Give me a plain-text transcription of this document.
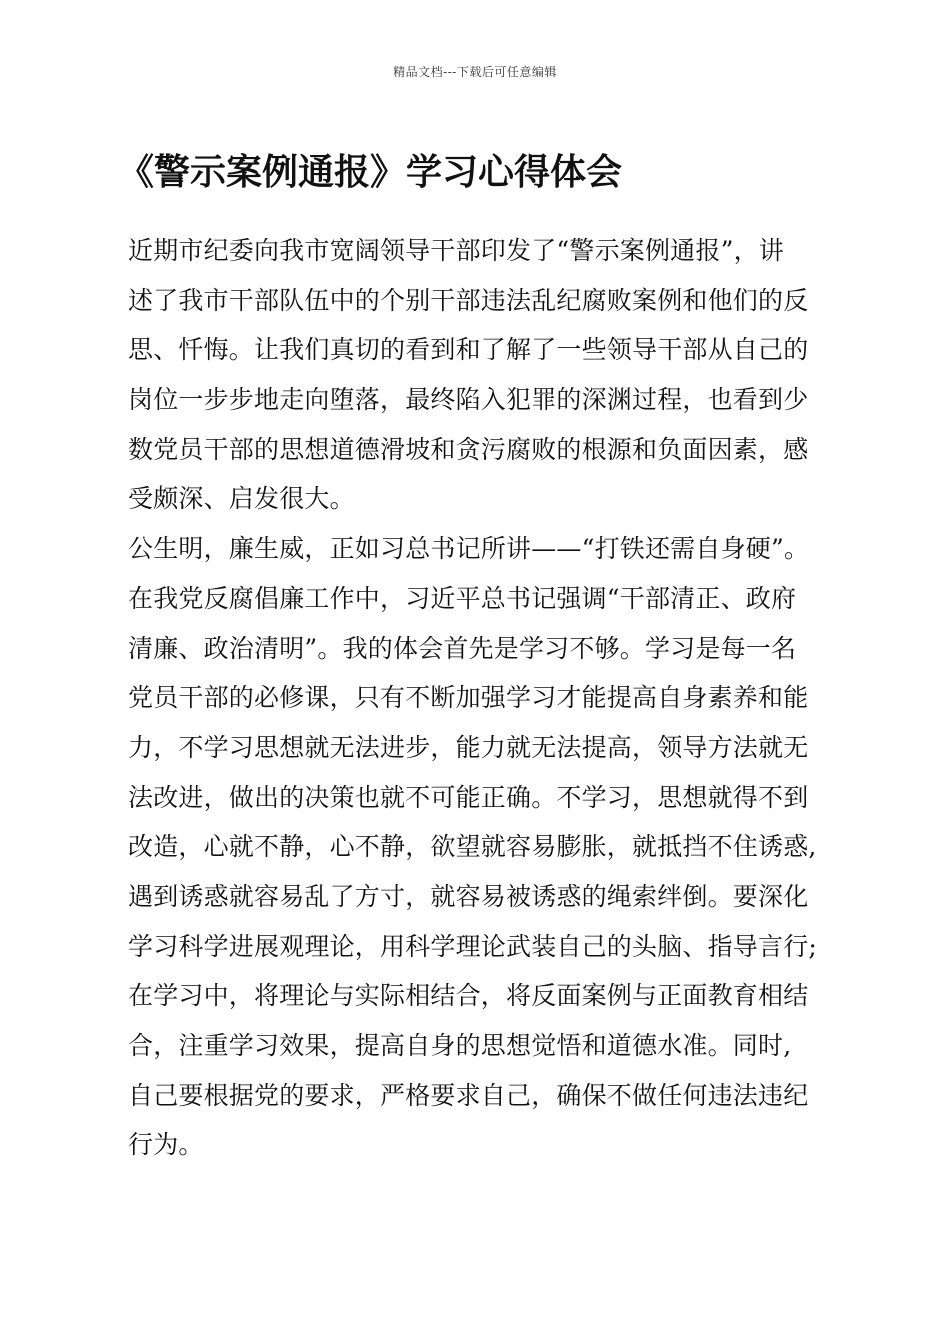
精品文档---下载后可任意编辑
《警示案例通报》学习心得体会
近期市纪委向我市宽阔领导干部印发了“警示案例通报”，讲
述了我市干部队伍中的个别干部违法乱纪腐败案例和他们的反
思、忏悔。让我们真切的看到和了解了一些领导干部从自己的
岗位一步步地走向堕落，最终陷入犯罪的深渊过程，也看到少
数党员干部的思想道德滑坡和贪污腐败的根源和负面因素，感
受颇深、启发很大。
公生明，廉生威，正如习总书记所讲——“打铁还需自身硬”。
在我党反腐倡廉工作中，习近平总书记强调“干部清正、政府
清廉、政治清明”。我的体会首先是学习不够。学习是每一名
党员干部的必修课，只有不断加强学习才能提高自身素养和能
力，不学习思想就无法进步，能力就无法提高，领导方法就无
法改进，做出的决策也就不可能正确。不学习，思想就得不到
改造，心就不静，心不静，欲望就容易膨胀，就抵挡不住诱惑,
遇到诱惑就容易乱了方寸，就容易被诱惑的绳索绊倒。要深化
学习科学进展观理论，用科学理论武装自己的头脑、指导言行;
在学习中，将理论与实际相结合，将反面案例与正面教育相结
合，注重学习效果，提高自身的思想觉悟和道德水准。同时,
自己要根据党的要求，严格要求自己，确保不做任何违法违纪
行为。
